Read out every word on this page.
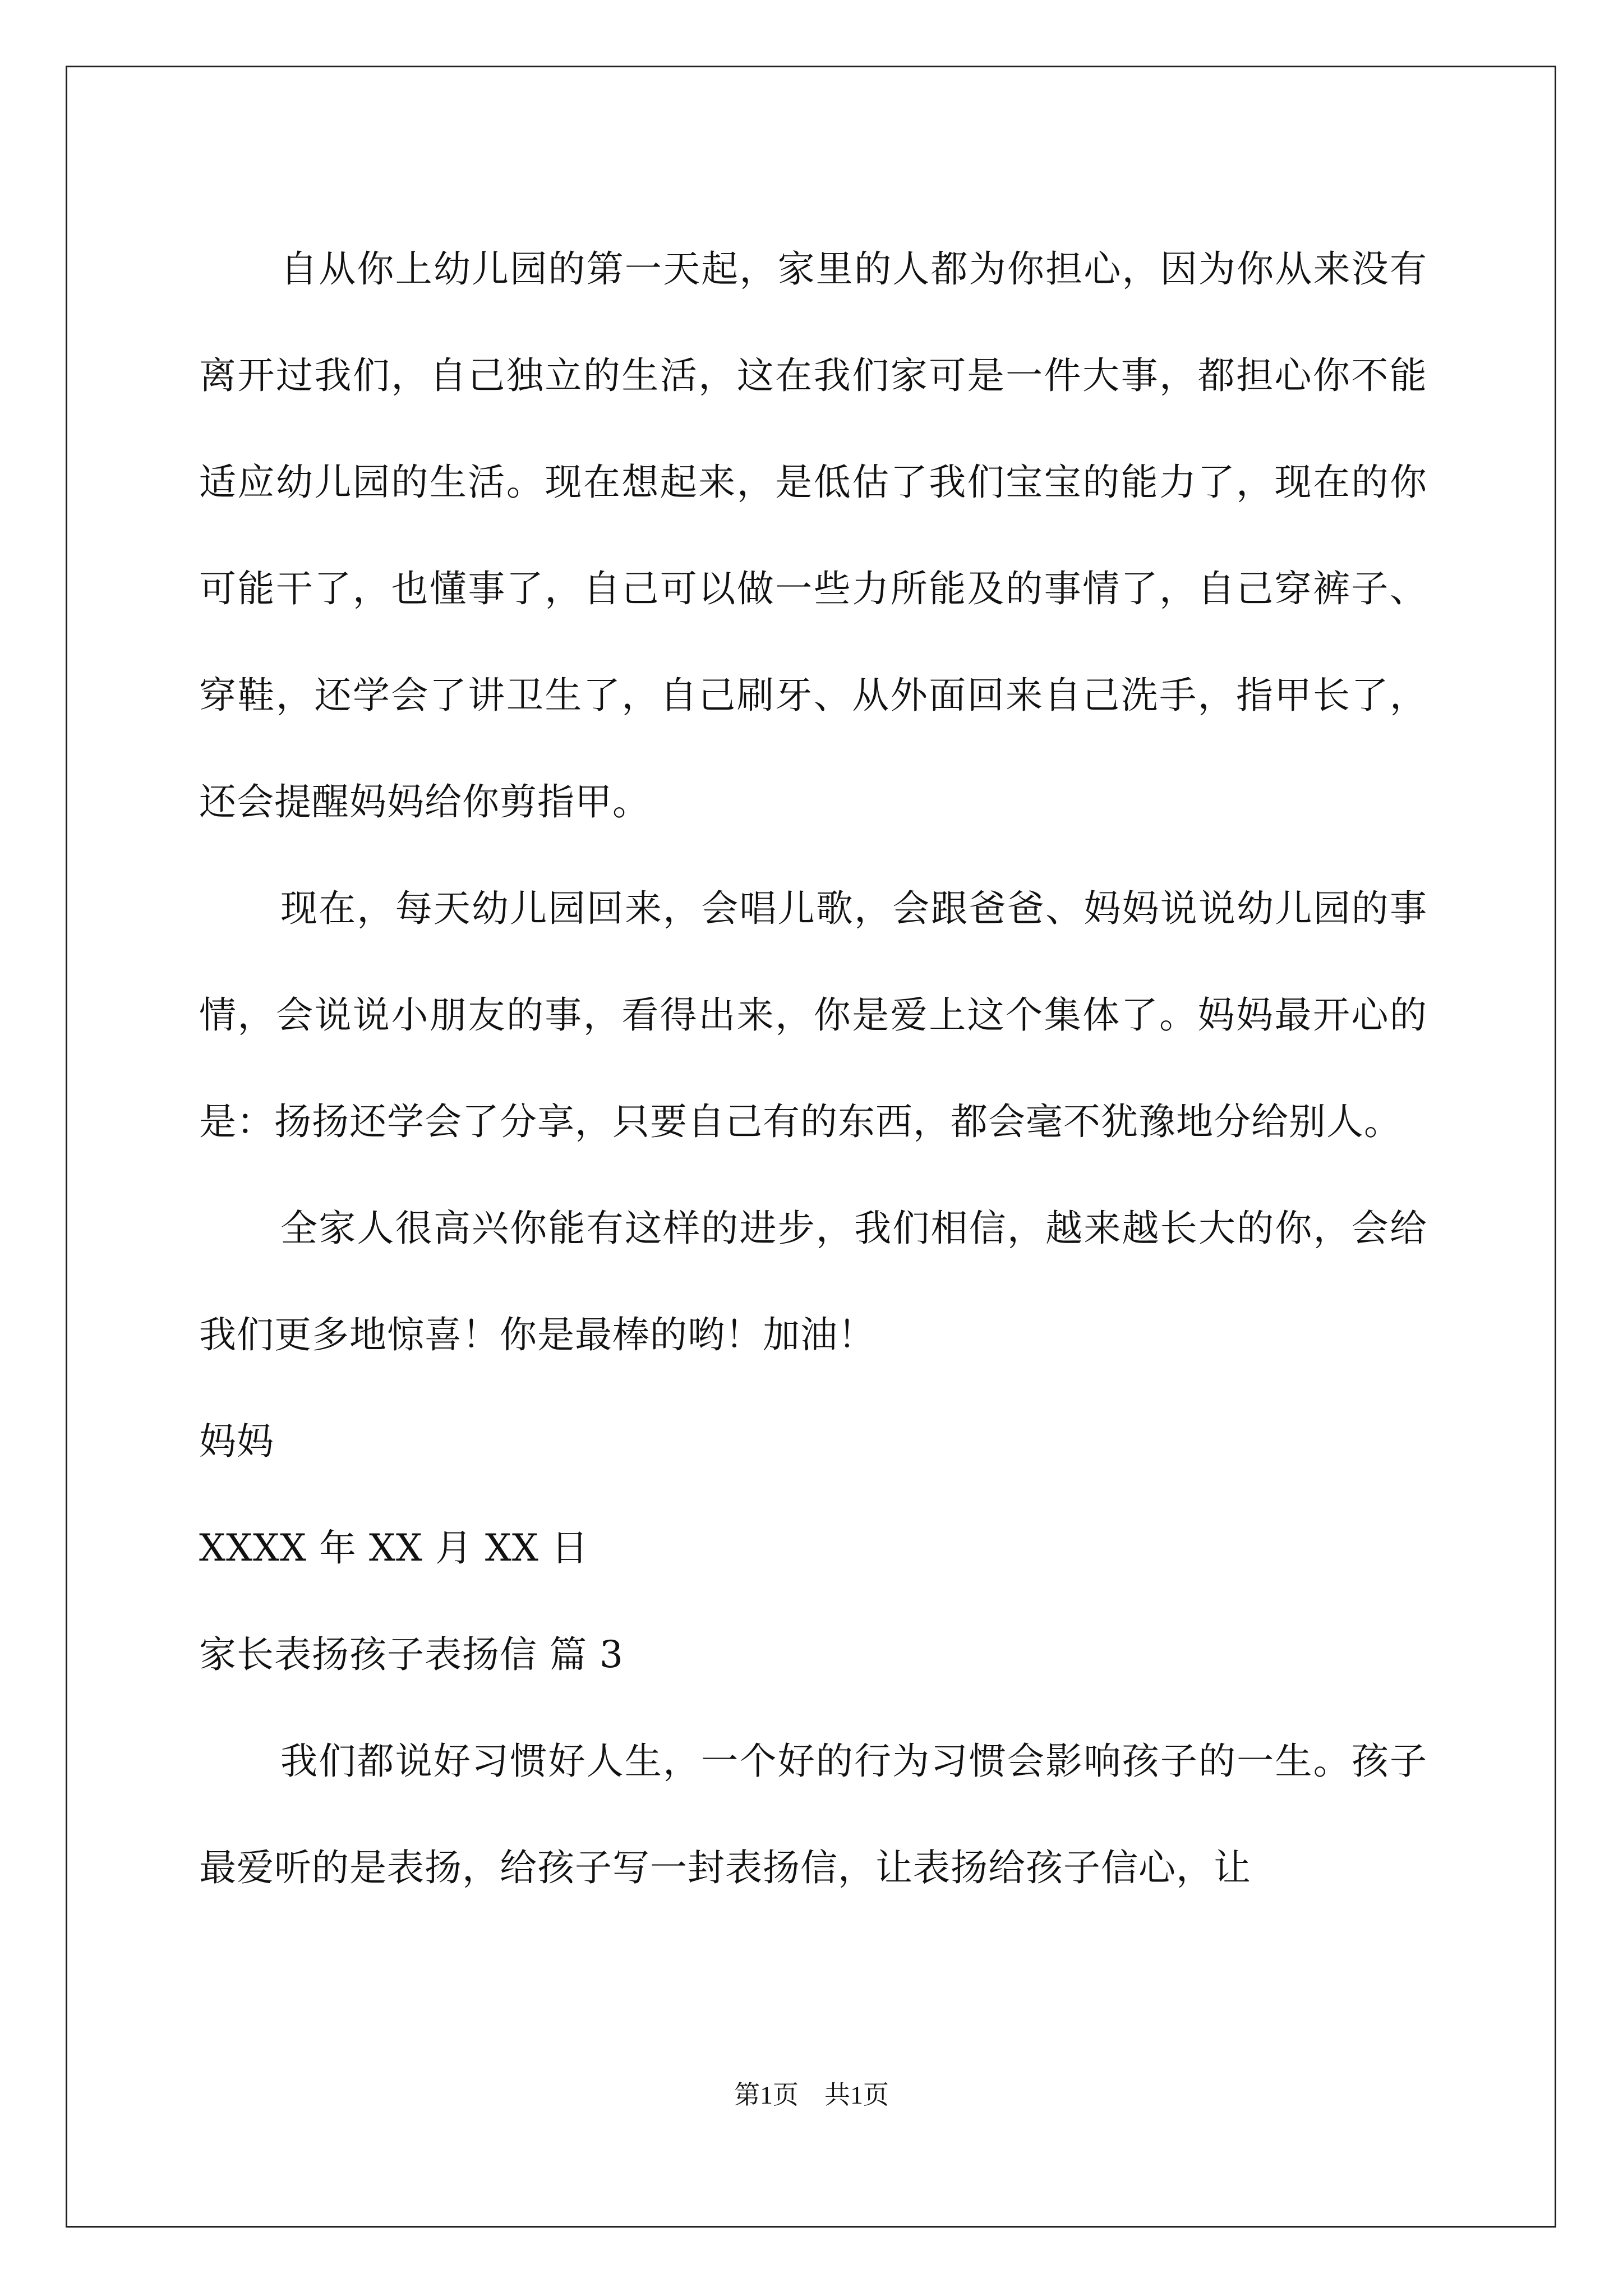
自从你上幼儿园的第一天起，家里的人都为你担心，因为你从来没有离开过我们，自己独立的生活，这在我们家可是一件大事，都担心你不能适应幼儿园的生活。现在想起来，是低估了我们宝宝的能力了，现在的你可能干了，也懂事了，自己可以做一些力所能及的事情了，自己穿裤子、穿鞋，还学会了讲卫生了，自己刷牙、从外面回来自己洗手，指甲长了，还会提醒妈妈给你剪指甲。

现在，每天幼儿园回来，会唱儿歌，会跟爸爸、妈妈说说幼儿园的事情，会说说小朋友的事，看得出来，你是爱上这个集体了。妈妈最开心的是：扬扬还学会了分享，只要自己有的东西，都会毫不犹豫地分给别人。

全家人很高兴你能有这样的进步，我们相信，越来越长大的你，会给我们更多地惊喜！你是最棒的哟！加油！

妈妈

XXXX 年 XX 月 XX 日

家长表扬孩子表扬信 篇 3

我们都说好习惯好人生，一个好的行为习惯会影响孩子的一生。孩子最爱听的是表扬，给孩子写一封表扬信，让表扬给孩子信心，让

第1页 共1页
